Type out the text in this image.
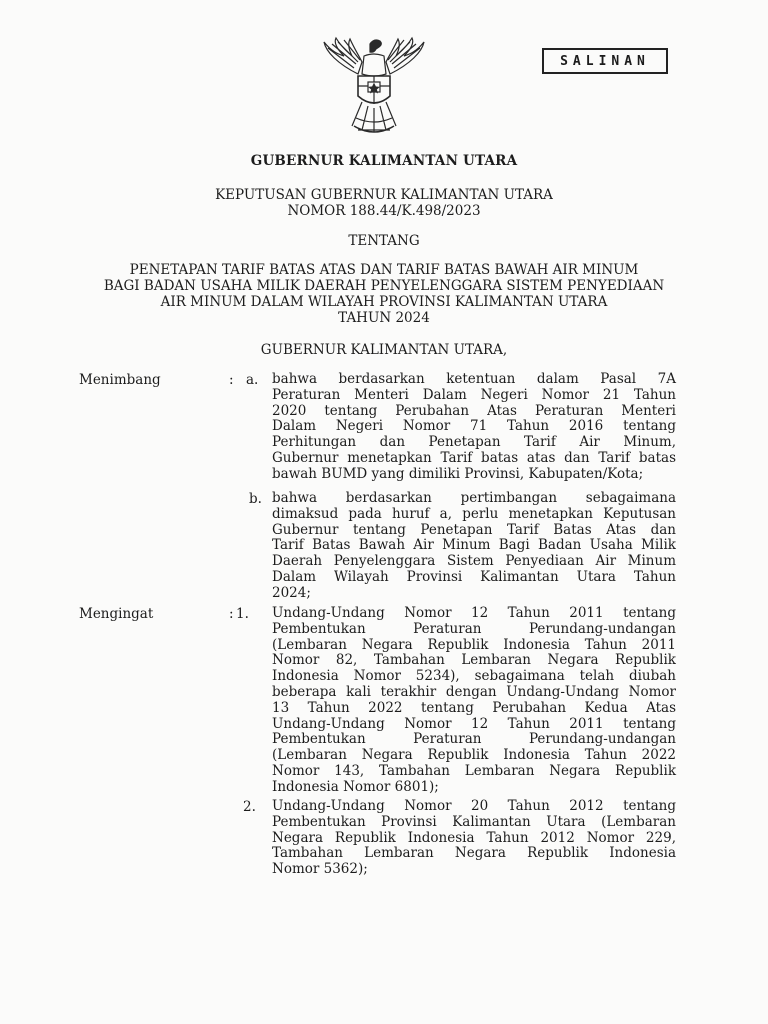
SALINAN
GUBERNUR KALIMANTAN UTARA
KEPUTUSAN GUBERNUR KALIMANTAN UTARA
NOMOR 188.44/K.498/2023
TENTANG
PENETAPAN TARIF BATAS ATAS DAN TARIF BATAS BAWAH AIR MINUM
BAGI BADAN USAHA MILIK DAERAH PENYELENGGARA SISTEM PENYEDIAAN
AIR MINUM DALAM WILAYAH PROVINSI KALIMANTAN UTARA
TAHUN 2024
GUBERNUR KALIMANTAN UTARA,
Menimbang	: a. bahwa berdasarkan ketentuan dalam Pasal 7A
Peraturan Menteri Dalam Negeri Nomor 21 Tahun
2020 tentang Perubahan Atas Peraturan Menteri
Dalam Negeri Nomor 71 Tahun 2016 tentang
Perhitungan dan Penetapan Tarif Air Minum,
Gubernur menetapkan Tarif batas atas dan Tarif batas
bawah BUMD yang dimiliki Provinsi, Kabupaten/Kota;
b. bahwa berdasarkan pertimbangan sebagaimana
dimaksud pada huruf a, perlu menetapkan Keputusan
Gubernur tentang Penetapan Tarif Batas Atas dan
Tarif Batas Bawah Air Minum Bagi Badan Usaha Milik
Daerah Penyelenggara Sistem Penyediaan Air Minum
Dalam Wilayah Provinsi Kalimantan Utara Tahun
2024;
Mengingat	: 1. Undang-Undang Nomor 12 Tahun 2011 tentang
Pembentukan Peraturan Perundang-undangan
(Lembaran Negara Republik Indonesia Tahun 2011
Nomor 82, Tambahan Lembaran Negara Republik
Indonesia Nomor 5234), sebagaimana telah diubah
beberapa kali terakhir dengan Undang-Undang Nomor
13 Tahun 2022 tentang Perubahan Kedua Atas
Undang-Undang Nomor 12 Tahun 2011 tentang
Pembentukan Peraturan Perundang-undangan
(Lembaran Negara Republik Indonesia Tahun 2022
Nomor 143, Tambahan Lembaran Negara Republik
Indonesia Nomor 6801);
2. Undang-Undang Nomor 20 Tahun 2012 tentang
Pembentukan Provinsi Kalimantan Utara (Lembaran
Negara Republik Indonesia Tahun 2012 Nomor 229,
Tambahan Lembaran Negara Republik Indonesia
Nomor 5362);
